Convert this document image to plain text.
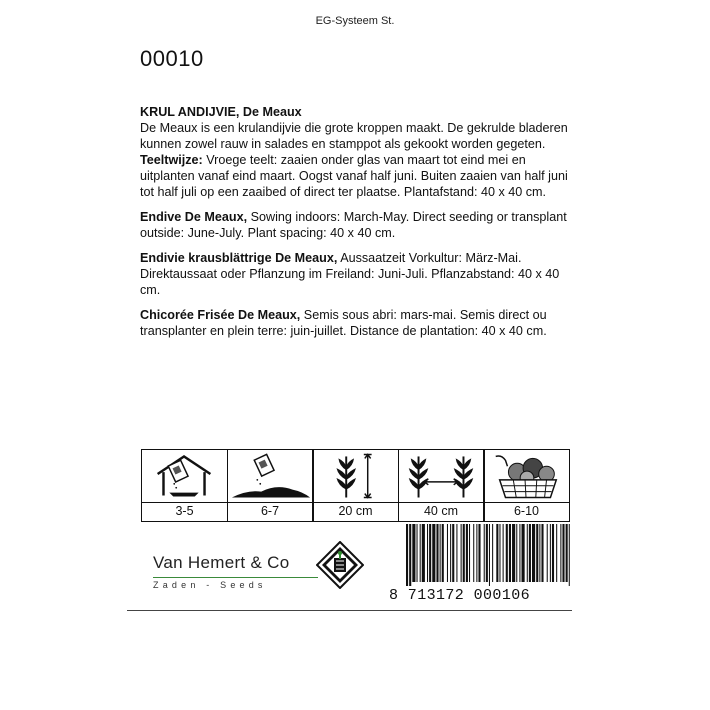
EG-Systeem St.
00010

KRUL ANDIJVIE, De Meaux
De Meaux is een krulandijvie die grote kroppen maakt. De gekrulde bladeren kunnen zowel rauw in salades en stamppot als gekookt worden gegeten. Teeltwijze: Vroege teelt: zaaien onder glas van maart tot eind mei en uitplanten vanaf eind maart. Oogst vanaf half juni. Buiten zaaien van half juni tot half juli op een zaaibed of direct ter plaatse. Plantafstand: 40 x 40 cm.

Endive De Meaux, Sowing indoors: March-May. Direct seeding or transplant outside: June-July. Plant spacing: 40 x 40 cm.

Endivie krausblättrige De Meaux, Aussaatzeit Vorkultur: März-Mai. Direktaussaat oder Pflanzung im Freiland: Juni-Juli. Pflanzabstand: 40 x 40 cm.

Chicorée Frisée De Meaux, Semis sous abri: mars-mai. Semis direct ou transplanter en plein terre: juin-juillet. Distance de plantation: 40 x 40 cm.

3-5	6-7	20 cm	40 cm	6-10
Van Hemert & Co
Zaden - Seeds
8 713172 000106
